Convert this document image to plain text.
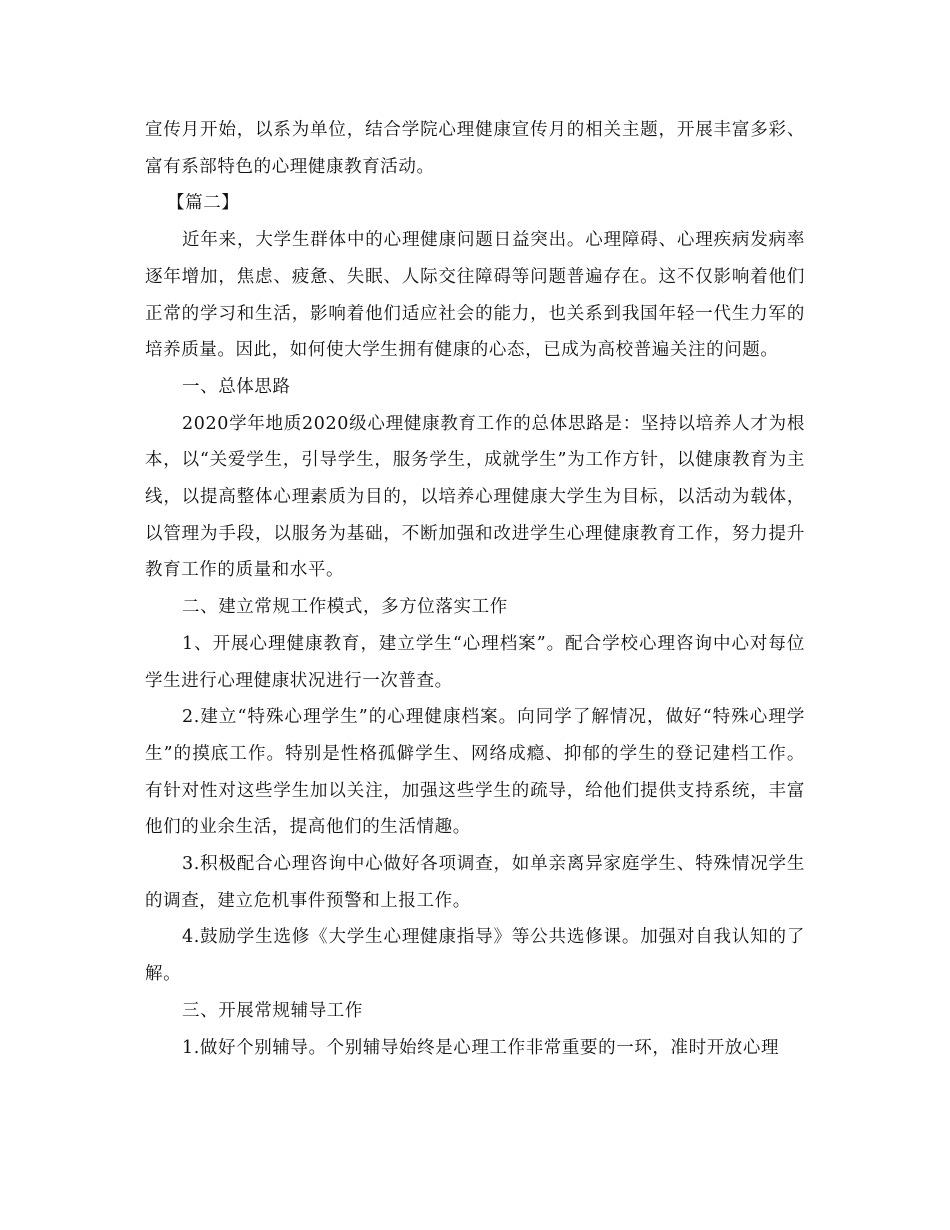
宣传月开始，以系为单位，结合学院心理健康宣传月的相关主题，开展丰富多彩、富有系部特色的心理健康教育活动。

【篇二】

近年来，大学生群体中的心理健康问题日益突出。心理障碍、心理疾病发病率逐年增加，焦虑、疲惫、失眠、人际交往障碍等问题普遍存在。这不仅影响着他们正常的学习和生活，影响着他们适应社会的能力，也关系到我国年轻一代生力军的培养质量。因此，如何使大学生拥有健康的心态，已成为高校普遍关注的问题。

一、总体思路

2020学年地质2020级心理健康教育工作的总体思路是：坚持以培养人才为根本，以“关爱学生，引导学生，服务学生，成就学生”为工作方针，以健康教育为主线，以提高整体心理素质为目的，以培养心理健康大学生为目标，以活动为载体，以管理为手段，以服务为基础，不断加强和改进学生心理健康教育工作，努力提升教育工作的质量和水平。

二、建立常规工作模式，多方位落实工作

1、开展心理健康教育，建立学生“心理档案”。配合学校心理咨询中心对每位学生进行心理健康状况进行一次普查。

2.建立“特殊心理学生”的心理健康档案。向同学了解情况，做好“特殊心理学生”的摸底工作。特别是性格孤僻学生、网络成瘾、抑郁的学生的登记建档工作。有针对性对这些学生加以关注，加强这些学生的疏导，给他们提供支持系统，丰富他们的业余生活，提高他们的生活情趣。

3.积极配合心理咨询中心做好各项调查，如单亲离异家庭学生、特殊情况学生的调查，建立危机事件预警和上报工作。

4.鼓励学生选修《大学生心理健康指导》等公共选修课。加强对自我认知的了解。

三、开展常规辅导工作

1.做好个别辅导。个别辅导始终是心理工作非常重要的一环，准时开放心理
